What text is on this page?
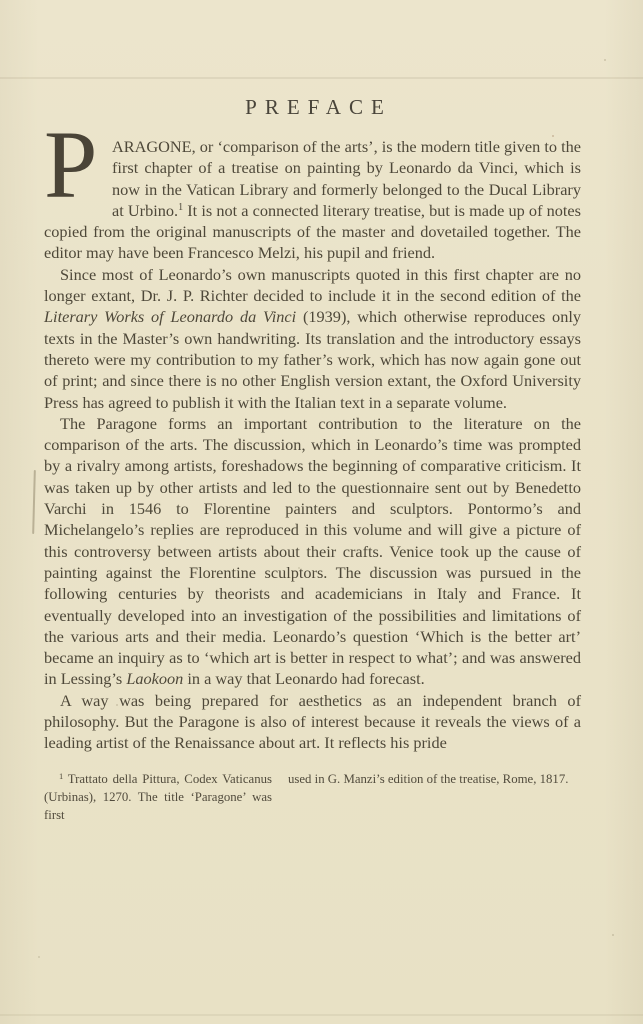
PREFACE

PARAGONE, or ‘comparison of the arts’, is the modern title given to the first chapter of a treatise on painting by Leonardo da Vinci, which is now in the Vatican Library and formerly belonged to the Ducal Library at Urbino.$^1$ It is not a connected literary treatise, but is made up of notes copied from the original manuscripts of the master and dovetailed together. The editor may have been Francesco Melzi, his pupil and friend.

Since most of Leonardo’s own manuscripts quoted in this first chapter are no longer extant, Dr. J. P. Richter decided to include it in the second edition of the Literary Works of Leonardo da Vinci (1939), which otherwise reproduces only texts in the Master’s own handwriting. Its translation and the introductory essays thereto were my contribution to my father’s work, which has now again gone out of print; and since there is no other English version extant, the Oxford University Press has agreed to publish it with the Italian text in a separate volume.

The Paragone forms an important contribution to the literature on the comparison of the arts. The discussion, which in Leonardo’s time was prompted by a rivalry among artists, foreshadows the beginning of comparative criticism. It was taken up by other artists and led to the questionnaire sent out by Benedetto Varchi in 1546 to Florentine painters and sculptors. Pontormo’s and Michelangelo’s replies are reproduced in this volume and will give a picture of this controversy between artists about their crafts. Venice took up the cause of painting against the Florentine sculptors. The discussion was pursued in the following centuries by theorists and academicians in Italy and France. It eventually developed into an investigation of the possibilities and limitations of the various arts and their media. Leonardo’s question ‘Which is the better art’ became an inquiry as to ‘which art is better in respect to what’; and was answered in Lessing’s Laokoon in a way that Leonardo had forecast.

A way was being prepared for aesthetics as an independent branch of philosophy. But the Paragone is also of interest because it reveals the views of a leading artist of the Renaissance about art. It reflects his pride

$^1$ Trattato della Pittura, Codex Vaticanus (Urbinas), 1270. The title ‘Paragone’ was first
used in G. Manzi’s edition of the treatise, Rome, 1817.
